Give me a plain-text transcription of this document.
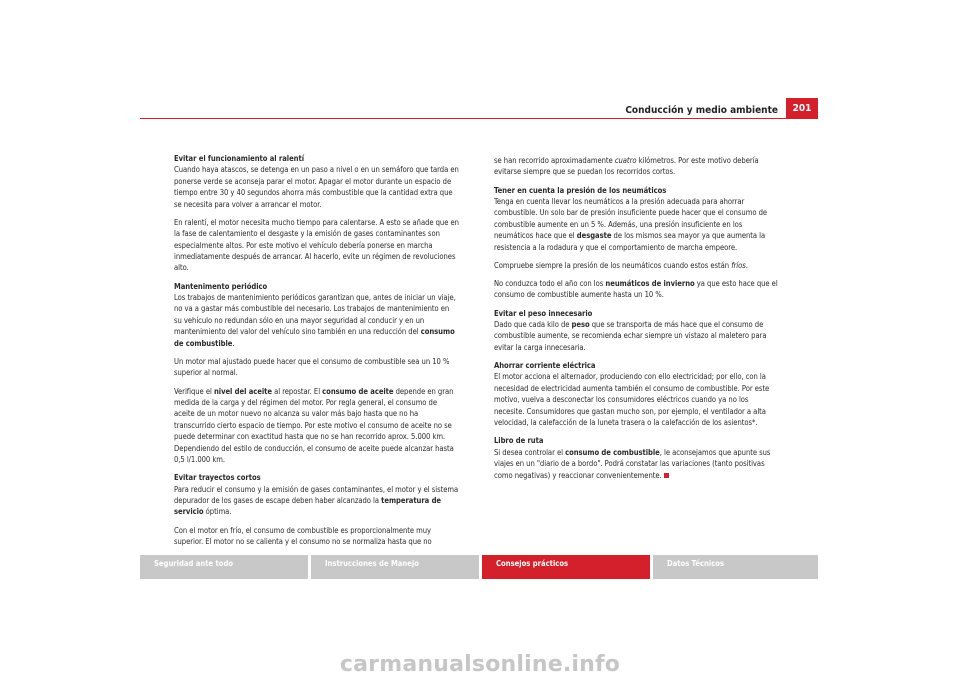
Conducción y medio ambiente	201
Evitar el funcionamiento al ralentí

Cuando haya atascos, se detenga en un paso a nivel o en un semáforo que tarda en ponerse verde se aconseja parar el motor. Apagar el motor durante un espacio de tiempo entre 30 y 40 segundos ahorra más combustible que la cantidad extra que se necesita para volver a arrancar el motor.

En ralentí, el motor necesita mucho tiempo para calentarse. A esto se añade que en la fase de calentamiento el desgaste y la emisión de gases contaminantes son especialmente altos. Por este motivo el vehículo debería ponerse en marcha inmediatamente después de arrancar. Al hacerlo, evite un régimen de revoluciones alto.

Mantenimento periódico

Los trabajos de mantenimiento periódicos garantizan que, antes de iniciar un viaje, no va a gastar más combustible del necesario. Los trabajos de mantenimiento en su vehículo no redundan sólo en una mayor seguridad al conducir y en un mantenimiento del valor del vehículo sino también en una reducción del consumo de combustible.

Un motor mal ajustado puede hacer que el consumo de combustible sea un 10 % superior al normal.

Verifique el nivel del aceite al repostar. El consumo de aceite depende en gran medida de la carga y del régimen del motor. Por regla general, el consumo de aceite de un motor nuevo no alcanza su valor más bajo hasta que no ha transcurrido cierto espacio de tiempo. Por este motivo el consumo de aceite no se puede determinar con exactitud hasta que no se han recorrido aprox. 5.000 km. Dependiendo del estilo de conducción, el consumo de aceite puede alcanzar hasta 0,5 l/1.000 km.

Evitar trayectos cortos

Para reducir el consumo y la emisión de gases contaminantes, el motor y el sistema depurador de los gases de escape deben haber alcanzado la temperatura de servicio óptima.

Con el motor en frío, el consumo de combustible es proporcionalmente muy superior. El motor no se calienta y el consumo no se normaliza hasta que no

se han recorrido aproximadamente cuatro kilómetros. Por este motivo debería evitarse siempre que se puedan los recorridos cortos.

Tener en cuenta la presión de los neumáticos

Tenga en cuenta llevar los neumáticos a la presión adecuada para ahorrar combustible. Un solo bar de presión insuficiente puede hacer que el consumo de combustible aumente en un 5 %. Además, una presión insuficiente en los neumáticos hace que el desgaste de los mismos sea mayor ya que aumenta la resistencia a la rodadura y que el comportamiento de marcha empeore.

Compruebe siempre la presión de los neumáticos cuando estos están fríos.

No conduzca todo el año con los neumáticos de invierno ya que esto hace que el consumo de combustible aumente hasta un 10 %.

Evitar el peso innecesario

Dado que cada kilo de peso que se transporta de más hace que el consumo de combustible aumente, se recomienda echar siempre un vistazo al maletero para evitar la carga innecesaria.

Ahorrar corriente eléctrica

El motor acciona el alternador, produciendo con ello electricidad; por ello, con la necesidad de electricidad aumenta también el consumo de combustible. Por este motivo, vuelva a desconectar los consumidores eléctricos cuando ya no los necesite. Consumidores que gastan mucho son, por ejemplo, el ventilador a alta velocidad, la calefacción de la luneta trasera o la calefacción de los asientos*.

Libro de ruta

Si desea controlar el consumo de combustible, le aconsejamos que apunte sus viajes en un "diario de a bordo". Podrá constatar las variaciones (tanto positivas como negativas) y reaccionar convenientemente.

Seguridad ante todo	Instrucciones de Manejo	Consejos prácticos	Datos Técnicos
carmanualsonline.info
